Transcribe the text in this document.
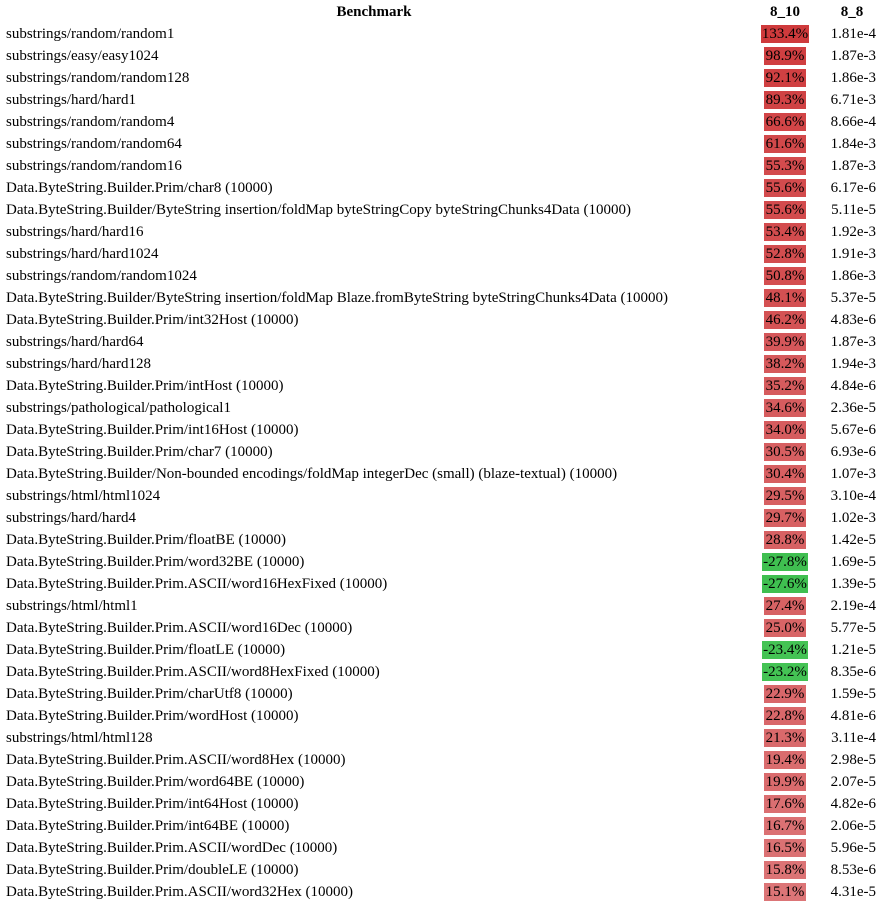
Benchmark	8_10	8_8
substrings/random/random1	133.4%	1.81e-4
substrings/easy/easy1024	98.9%	1.87e-3
substrings/random/random128	92.1%	1.86e-3
substrings/hard/hard1	89.3%	6.71e-3
substrings/random/random4	66.6%	8.66e-4
substrings/random/random64	61.6%	1.84e-3
substrings/random/random16	55.3%	1.87e-3
Data.ByteString.Builder.Prim/char8 (10000)	55.6%	6.17e-6
Data.ByteString.Builder/ByteString insertion/foldMap byteStringCopy byteStringChunks4Data (10000)	55.6%	5.11e-5
substrings/hard/hard16	53.4%	1.92e-3
substrings/hard/hard1024	52.8%	1.91e-3
substrings/random/random1024	50.8%	1.86e-3
Data.ByteString.Builder/ByteString insertion/foldMap Blaze.fromByteString byteStringChunks4Data (10000)	48.1%	5.37e-5
Data.ByteString.Builder.Prim/int32Host (10000)	46.2%	4.83e-6
substrings/hard/hard64	39.9%	1.87e-3
substrings/hard/hard128	38.2%	1.94e-3
Data.ByteString.Builder.Prim/intHost (10000)	35.2%	4.84e-6
substrings/pathological/pathological1	34.6%	2.36e-5
Data.ByteString.Builder.Prim/int16Host (10000)	34.0%	5.67e-6
Data.ByteString.Builder.Prim/char7 (10000)	30.5%	6.93e-6
Data.ByteString.Builder/Non-bounded encodings/foldMap integerDec (small) (blaze-textual) (10000)	30.4%	1.07e-3
substrings/html/html1024	29.5%	3.10e-4
substrings/hard/hard4	29.7%	1.02e-3
Data.ByteString.Builder.Prim/floatBE (10000)	28.8%	1.42e-5
Data.ByteString.Builder.Prim/word32BE (10000)	-27.8%	1.69e-5
Data.ByteString.Builder.Prim.ASCII/word16HexFixed (10000)	-27.6%	1.39e-5
substrings/html/html1	27.4%	2.19e-4
Data.ByteString.Builder.Prim.ASCII/word16Dec (10000)	25.0%	5.77e-5
Data.ByteString.Builder.Prim/floatLE (10000)	-23.4%	1.21e-5
Data.ByteString.Builder.Prim.ASCII/word8HexFixed (10000)	-23.2%	8.35e-6
Data.ByteString.Builder.Prim/charUtf8 (10000)	22.9%	1.59e-5
Data.ByteString.Builder.Prim/wordHost (10000)	22.8%	4.81e-6
substrings/html/html128	21.3%	3.11e-4
Data.ByteString.Builder.Prim.ASCII/word8Hex (10000)	19.4%	2.98e-5
Data.ByteString.Builder.Prim/word64BE (10000)	19.9%	2.07e-5
Data.ByteString.Builder.Prim/int64Host (10000)	17.6%	4.82e-6
Data.ByteString.Builder.Prim/int64BE (10000)	16.7%	2.06e-5
Data.ByteString.Builder.Prim.ASCII/wordDec (10000)	16.5%	5.96e-5
Data.ByteString.Builder.Prim/doubleLE (10000)	15.8%	8.53e-6
Data.ByteString.Builder.Prim.ASCII/word32Hex (10000)	15.1%	4.31e-5
